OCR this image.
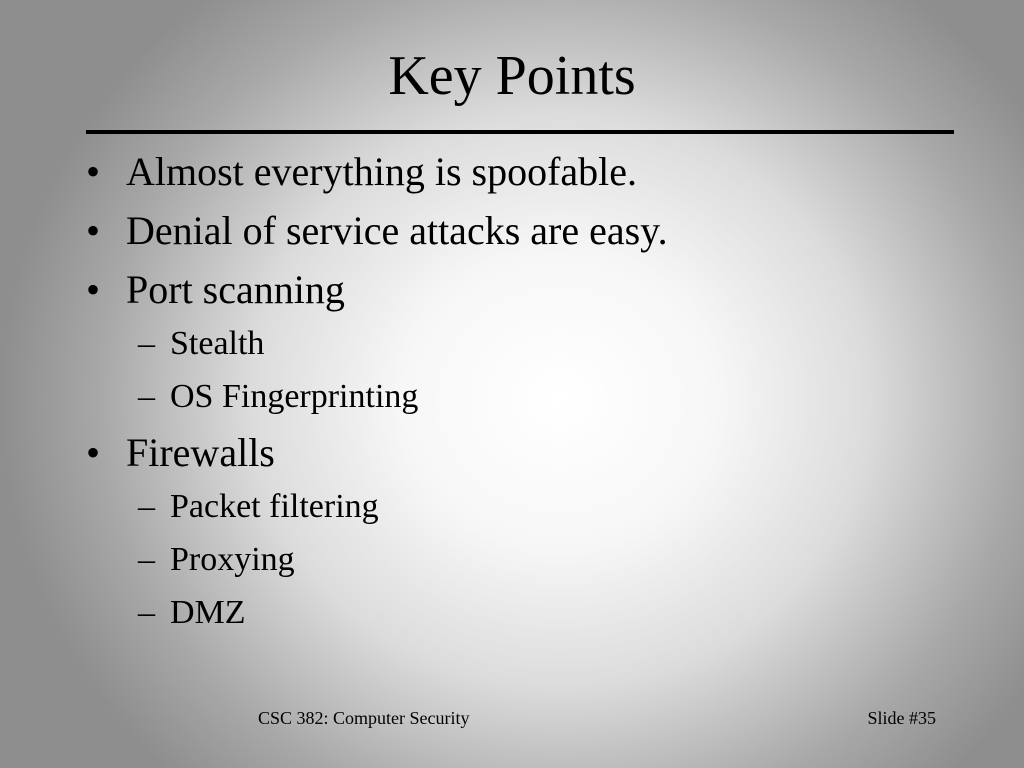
Key Points
• Almost everything is spoofable.
• Denial of service attacks are easy.
• Port scanning
– Stealth
– OS Fingerprinting
• Firewalls
– Packet filtering
– Proxying
– DMZ
CSC 382: Computer Security	Slide #35
